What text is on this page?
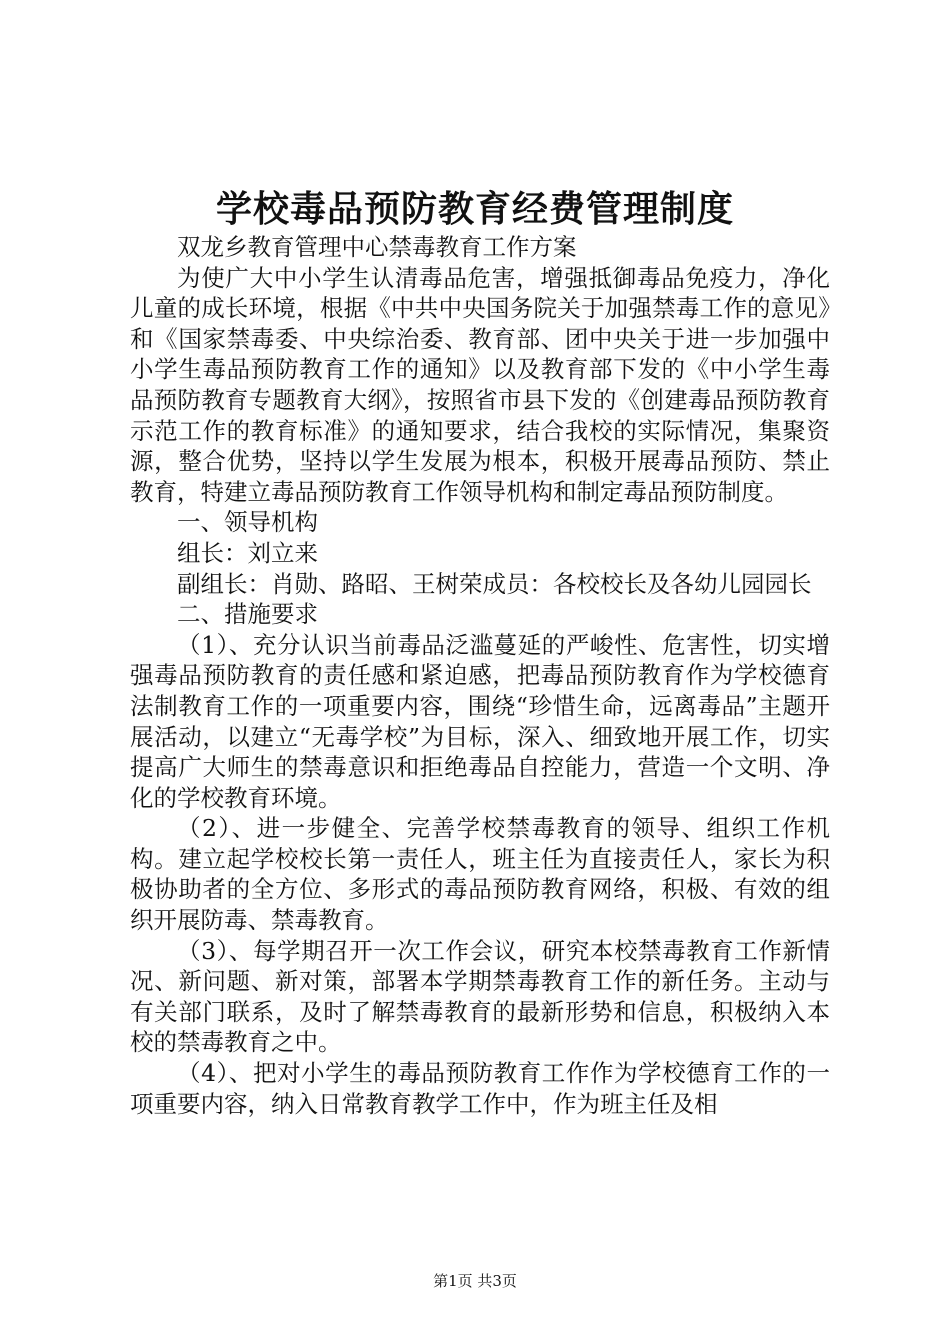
学校毒品预防教育经费管理制度

双龙乡教育管理中心禁毒教育工作方案

为使广大中小学生认清毒品危害，增强抵御毒品免疫力，净化儿童的成长环境，根据《中共中央国务院关于加强禁毒工作的意见》和《国家禁毒委、中央综治委、教育部、团中央关于进一步加强中小学生毒品预防教育工作的通知》以及教育部下发的《中小学生毒品预防教育专题教育大纲》，按照省市县下发的《创建毒品预防教育示范工作的教育标准》的通知要求，结合我校的实际情况，集聚资源，整合优势，坚持以学生发展为根本，积极开展毒品预防、禁止教育，特建立毒品预防教育工作领导机构和制定毒品预防制度。

一、领导机构

组长：刘立来

副组长：肖勋、路昭、王树荣成员：各校校长及各幼儿园园长

二、措施要求

（1）、充分认识当前毒品泛滥蔓延的严峻性、危害性，切实增强毒品预防教育的责任感和紧迫感，把毒品预防教育作为学校德育法制教育工作的一项重要内容，围绕“珍惜生命，远离毒品”主题开展活动，以建立“无毒学校”为目标，深入、细致地开展工作，切实提高广大师生的禁毒意识和拒绝毒品自控能力，营造一个文明、净化的学校教育环境。

（2）、进一步健全、完善学校禁毒教育的领导、组织工作机构。建立起学校校长第一责任人，班主任为直接责任人，家长为积极协助者的全方位、多形式的毒品预防教育网络，积极、有效的组织开展防毒、禁毒教育。

（3）、每学期召开一次工作会议，研究本校禁毒教育工作新情况、新问题、新对策，部署本学期禁毒教育工作的新任务。主动与有关部门联系，及时了解禁毒教育的最新形势和信息，积极纳入本校的禁毒教育之中。

（4）、把对小学生的毒品预防教育工作作为学校德育工作的一项重要内容，纳入日常教育教学工作中，作为班主任及相

第1页 共3页
